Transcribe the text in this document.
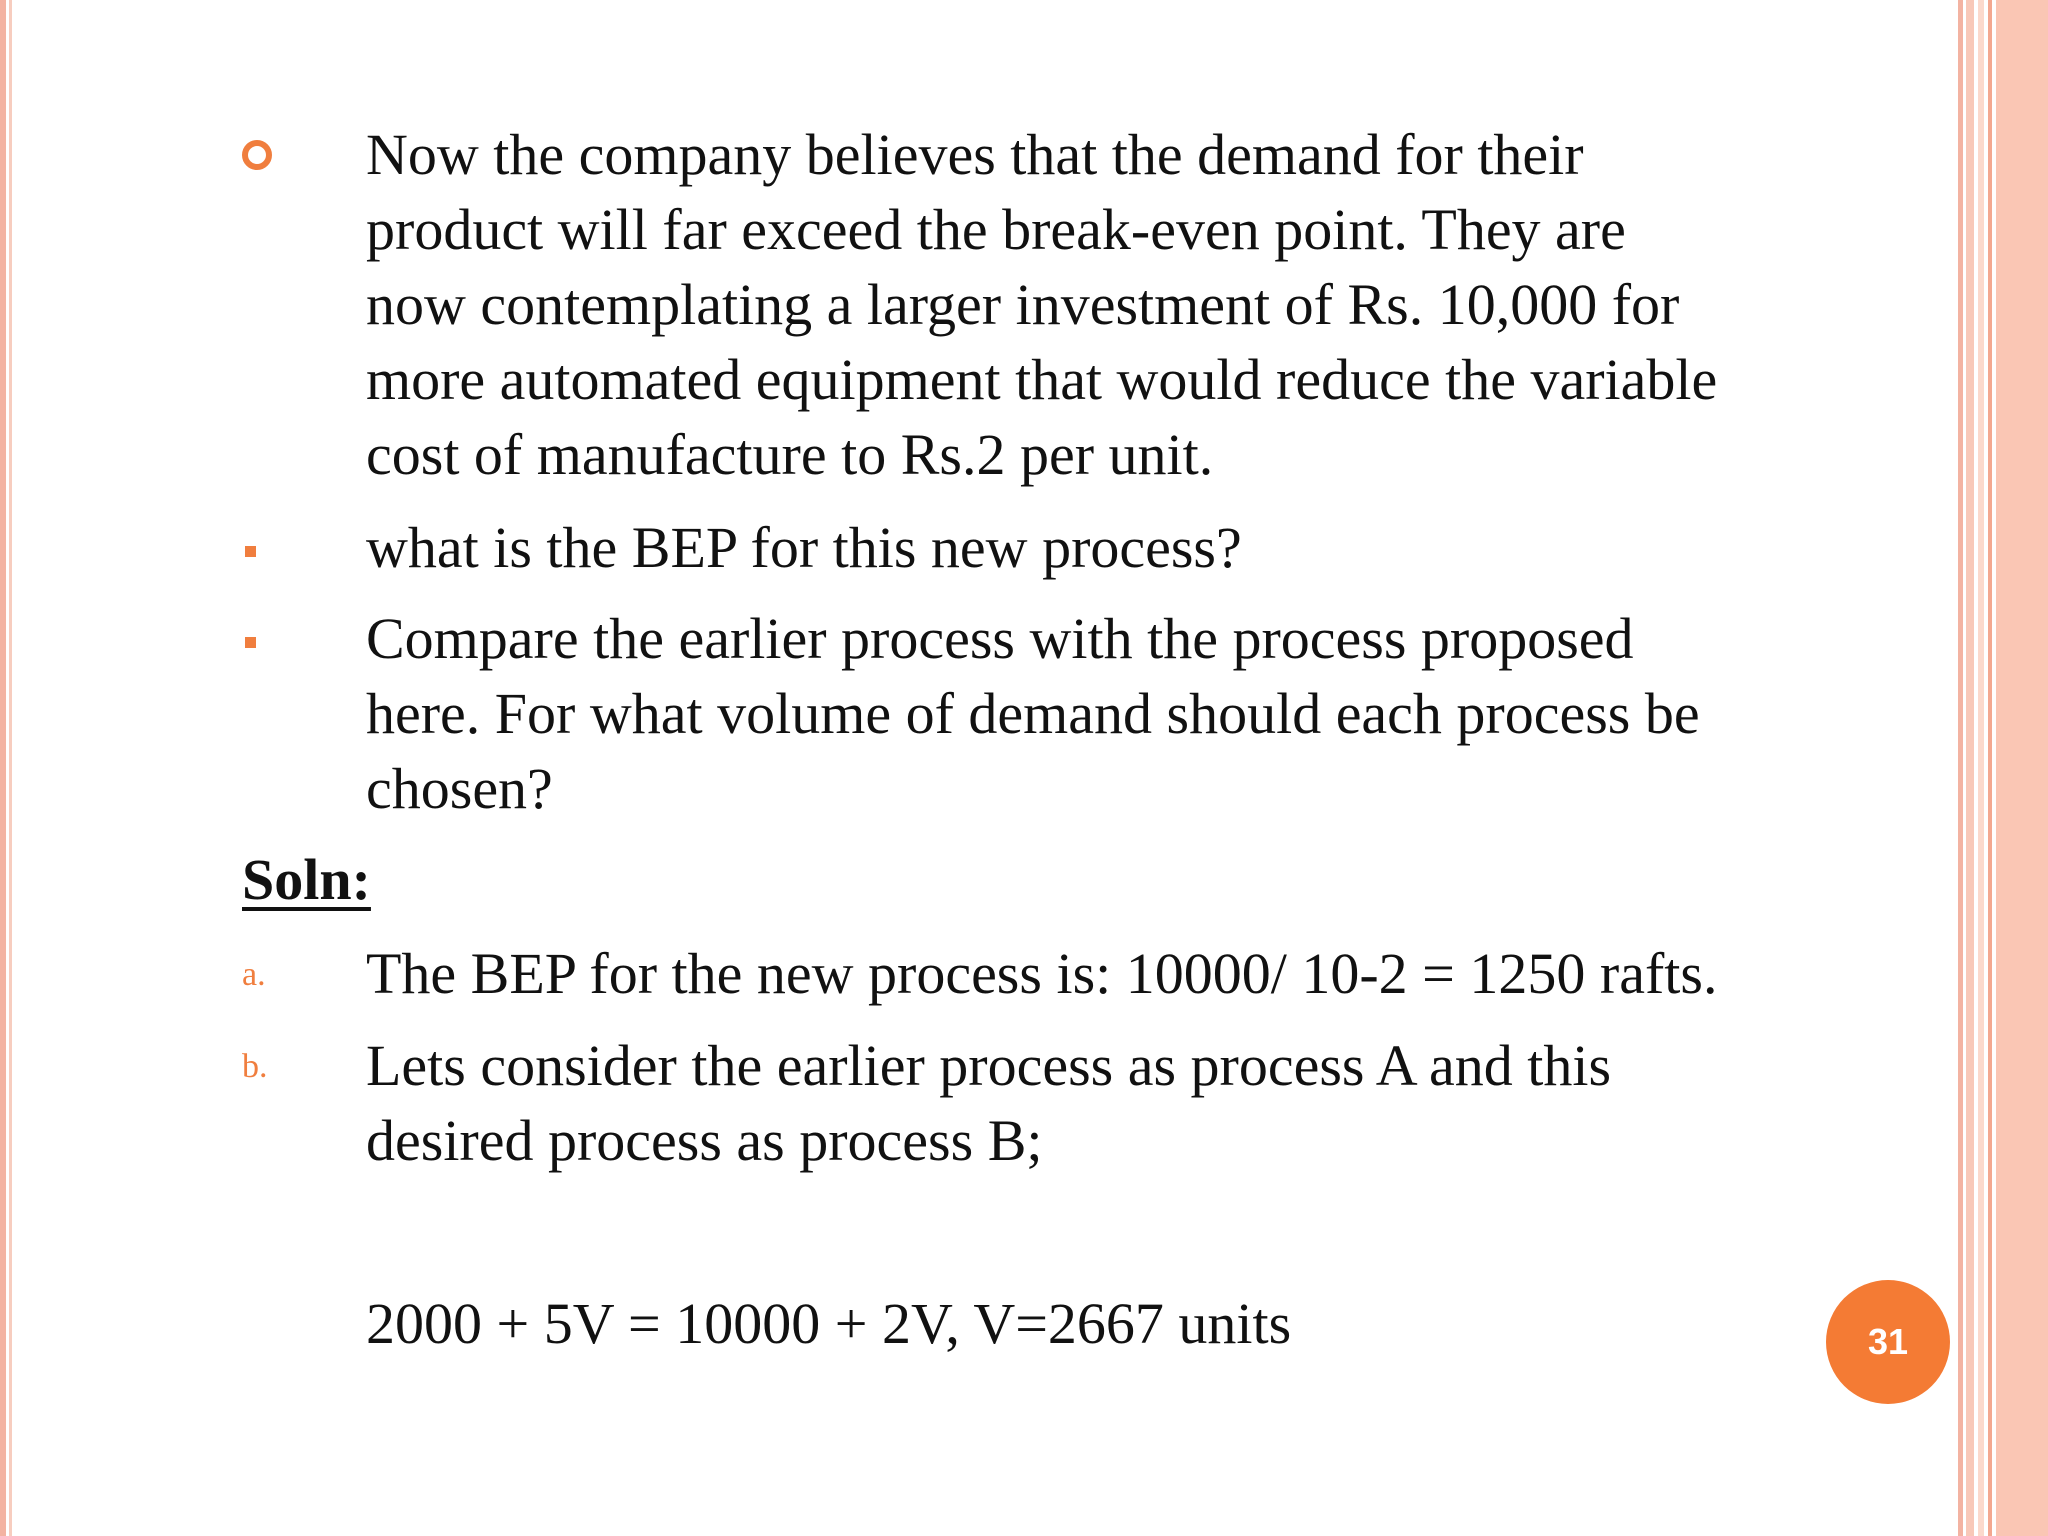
Now the company believes that the demand for their
product will far exceed the break-even point. They are
now contemplating a larger investment of Rs. 10,000 for
more automated equipment that would reduce the variable
cost of manufacture to Rs.2 per unit.
what is the BEP for this new process?
Compare the earlier process with the process proposed
here. For what volume of demand should each process be
chosen?
Soln:
a. The BEP for the new process is: 10000/ 10-2 = 1250 rafts.
b. Lets consider the earlier process as process A and this
desired process as process B;
2000 + 5V = 10000 + 2V, V=2667 units	31
